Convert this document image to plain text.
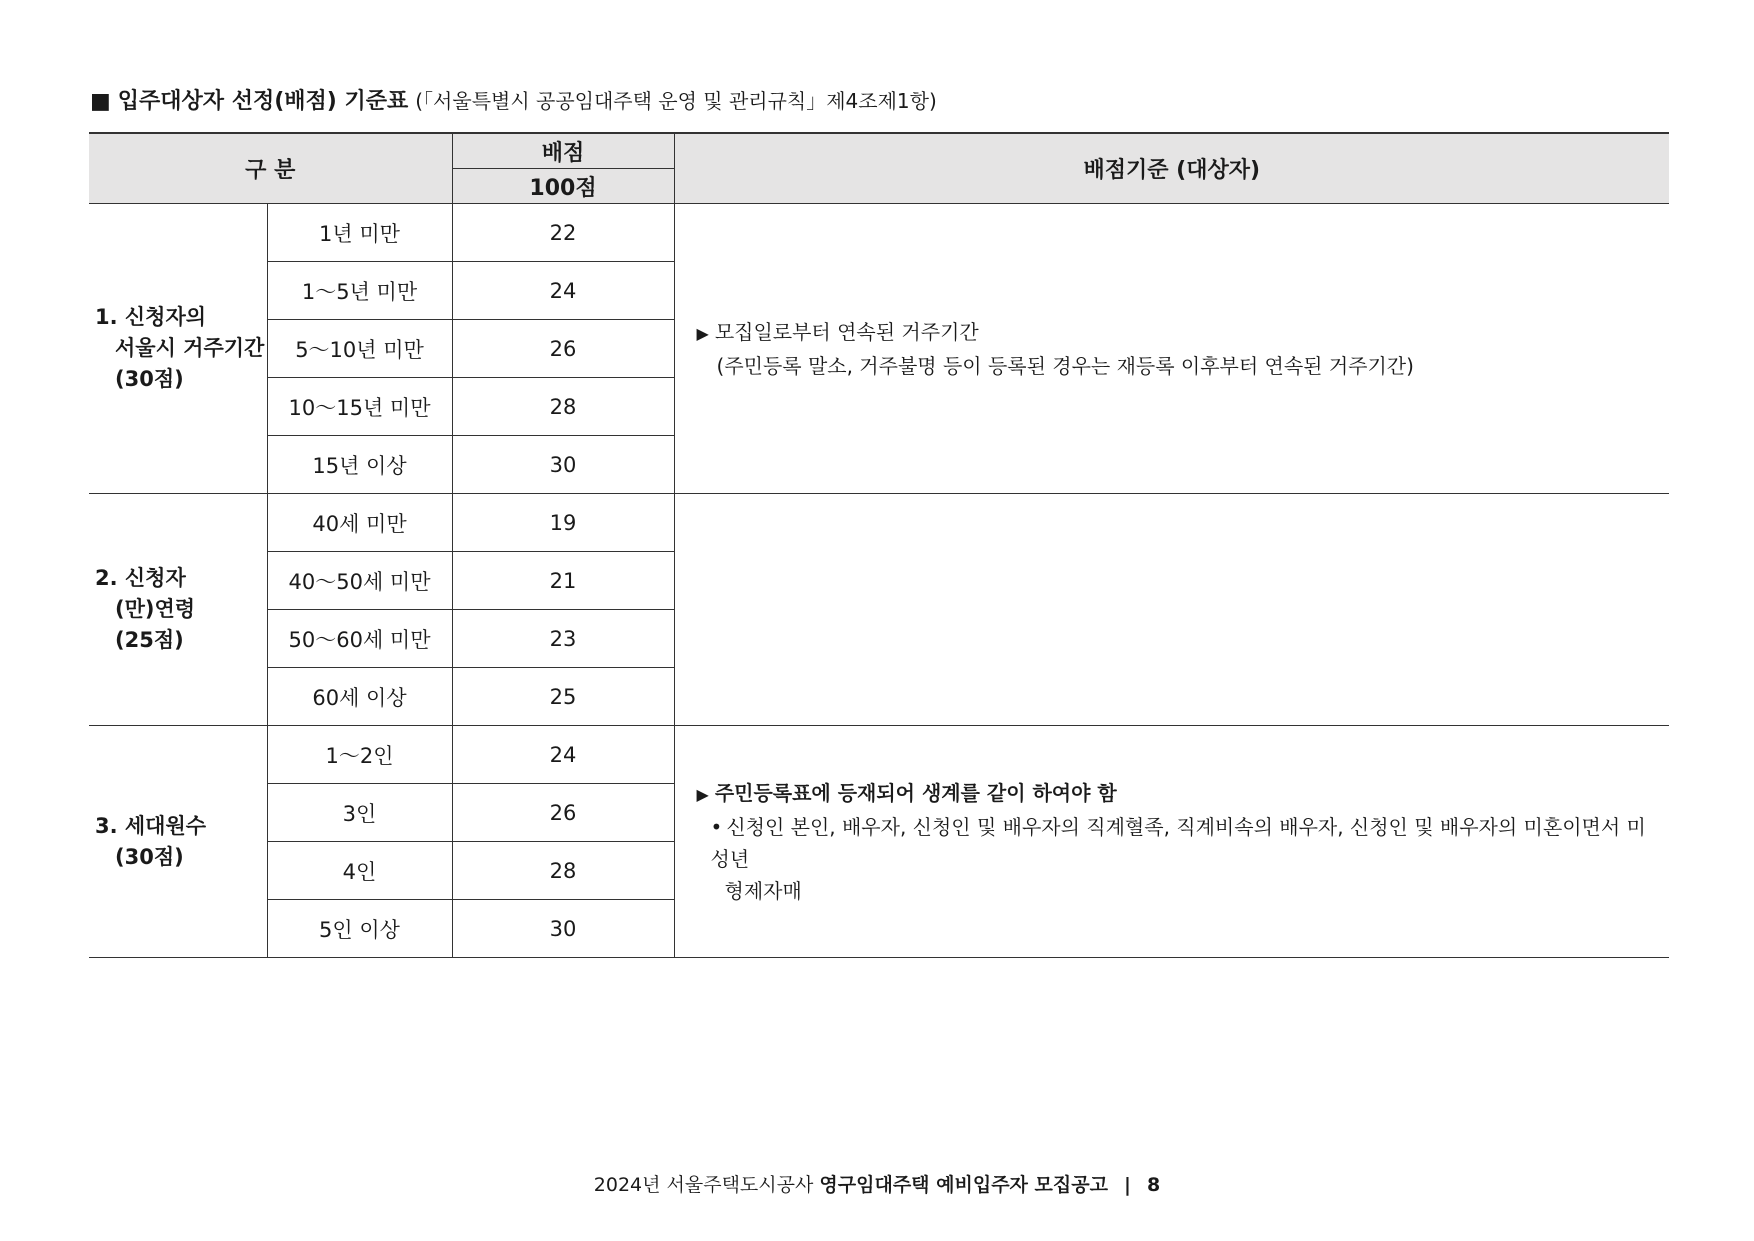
■ 입주대상자 선정(배점) 기준표 (「서울특별시 공공임대주택 운영 및 관리규칙」제4조제1항)
구 분		배점	배점기준 (대상자)
		100점	

1. 신청자의
서울시 거주기간
(30점)	1년 미만	22	▶ 모집일로부터 연속된 거주기간
(주민등록 말소, 거주불명 등이 등록된 경우는 재등록 이후부터 연속된 거주기간)

	1～5년 미만	24	
	5～10년 미만	26	
	10～15년 미만	28	
	15년 이상	30	

2. 신청자
(만)연령
(25점)	40세 미만	19	
	40～50세 미만	21	
	50～60세 미만	23	
	60세 이상	25	

3. 세대원수
(30점)	1～2인	24	▶ 주민등록표에 등재되어 생계를 같이 하여야 함
• 신청인 본인, 배우자, 신청인 및 배우자의 직계혈족, 직계비속의 배우자, 신청인 및 배우자의 미혼이면서 미성년
형제자매

	3인	26	
	4인	28	
	5인 이상	30	
2024년 서울주택도시공사 영구임대주택 예비입주자 모집공고 | 8
